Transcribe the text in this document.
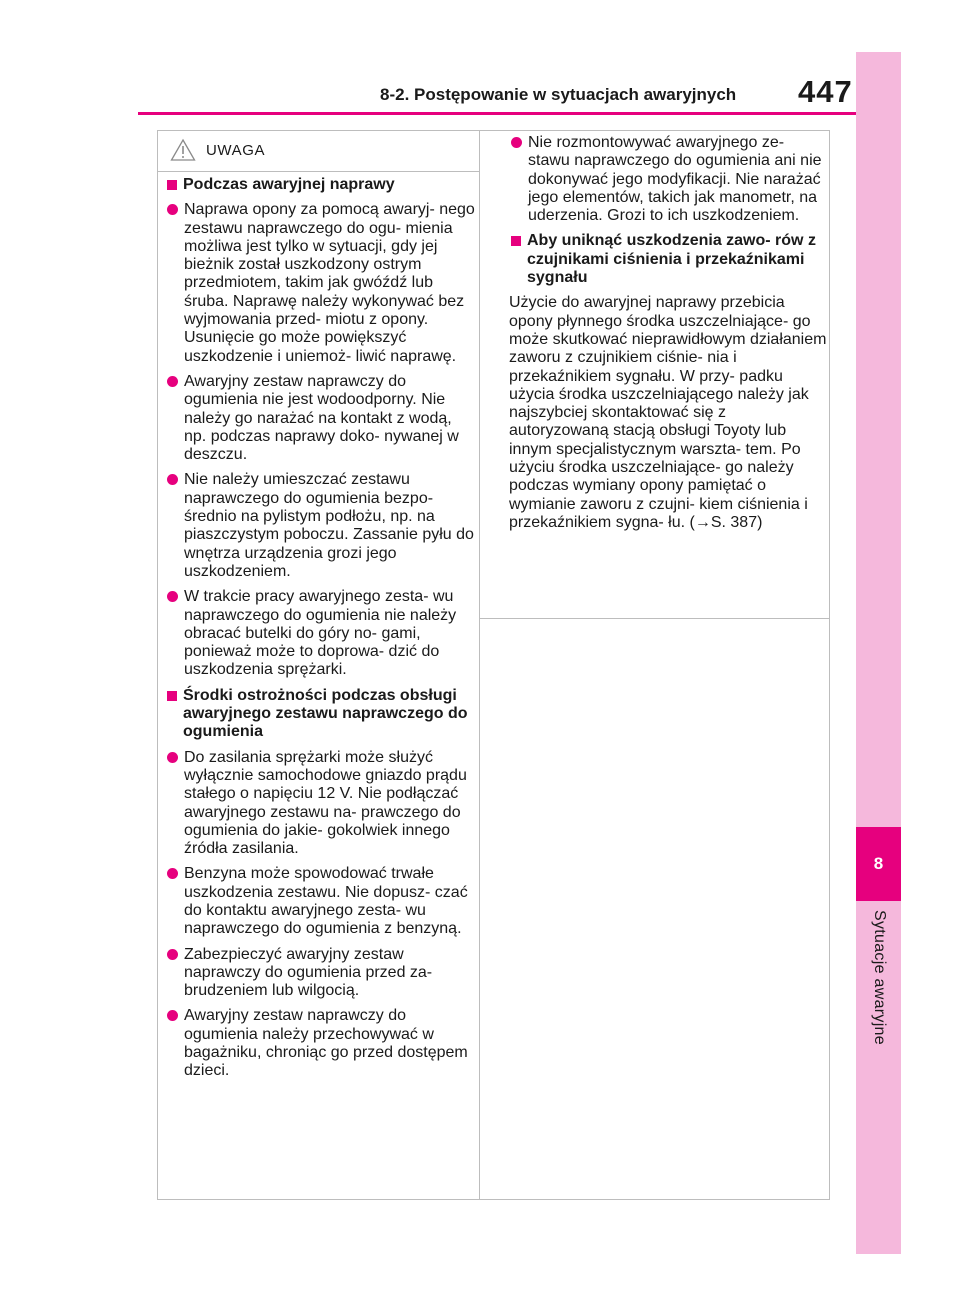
8
Sytuacje awaryjne
8-2. Postępowanie w sytuacjach awaryjnych 447
UWAGA
Podczas awaryjnej naprawy
Naprawa opony za pomocą awaryj- nego zestawu naprawczego do ogu- mienia możliwa jest tylko w sytuacji, gdy jej bieżnik został uszkodzony ostrym przedmiotem, takim jak gwóźdź lub śruba. Naprawę należy wykonywać bez wyjmowania przed- miotu z opony. Usunięcie go może powiększyć uszkodzenie i uniemoż- liwić naprawę.
Awaryjny zestaw naprawczy do ogumienia nie jest wodoodporny. Nie należy go narażać na kontakt z wodą, np. podczas naprawy doko- nywanej w deszczu.
Nie należy umieszczać zestawu naprawczego do ogumienia bezpo- średnio na pylistym podłożu, np. na piaszczystym poboczu. Zassanie pyłu do wnętrza urządzenia grozi jego uszkodzeniem.
W trakcie pracy awaryjnego zesta- wu naprawczego do ogumienia nie należy obracać butelki do góry no- gami, ponieważ może to doprowa- dzić do uszkodzenia sprężarki.
Środki ostrożności podczas obsługi awaryjnego zestawu naprawczego do ogumienia
Do zasilania sprężarki może służyć wyłącznie samochodowe gniazdo prądu stałego o napięciu 12 V. Nie podłączać awaryjnego zestawu na- prawczego do ogumienia do jakie- gokolwiek innego źródła zasilania.
Benzyna może spowodować trwałe uszkodzenia zestawu. Nie dopusz- czać do kontaktu awaryjnego zesta- wu naprawczego do ogumienia z benzyną.
Zabezpieczyć awaryjny zestaw naprawczy do ogumienia przed za- brudzeniem lub wilgocią.
Awaryjny zestaw naprawczy do ogumienia należy przechowywać w bagażniku, chroniąc go przed dostępem dzieci.
Nie rozmontowywać awaryjnego ze- stawu naprawczego do ogumienia ani nie dokonywać jego modyfikacji. Nie narażać jego elementów, takich jak manometr, na uderzenia. Grozi to ich uszkodzeniem.
Aby uniknąć uszkodzenia zawo- rów z czujnikami ciśnienia i przekaźnikami sygnału
Użycie do awaryjnej naprawy przebicia opony płynnego środka uszczelniające- go może skutkować nieprawidłowym działaniem zaworu z czujnikiem ciśnie- nia i przekaźnikiem sygnału. W przy- padku użycia środka uszczelniającego należy jak najszybciej skontaktować się z autoryzowaną stacją obsługi Toyoty lub innym specjalistycznym warszta- tem. Po użyciu środka uszczelniające- go należy podczas wymiany opony pamiętać o wymianie zaworu z czujni- kiem ciśnienia i przekaźnikiem sygna- łu. (→S. 387)
